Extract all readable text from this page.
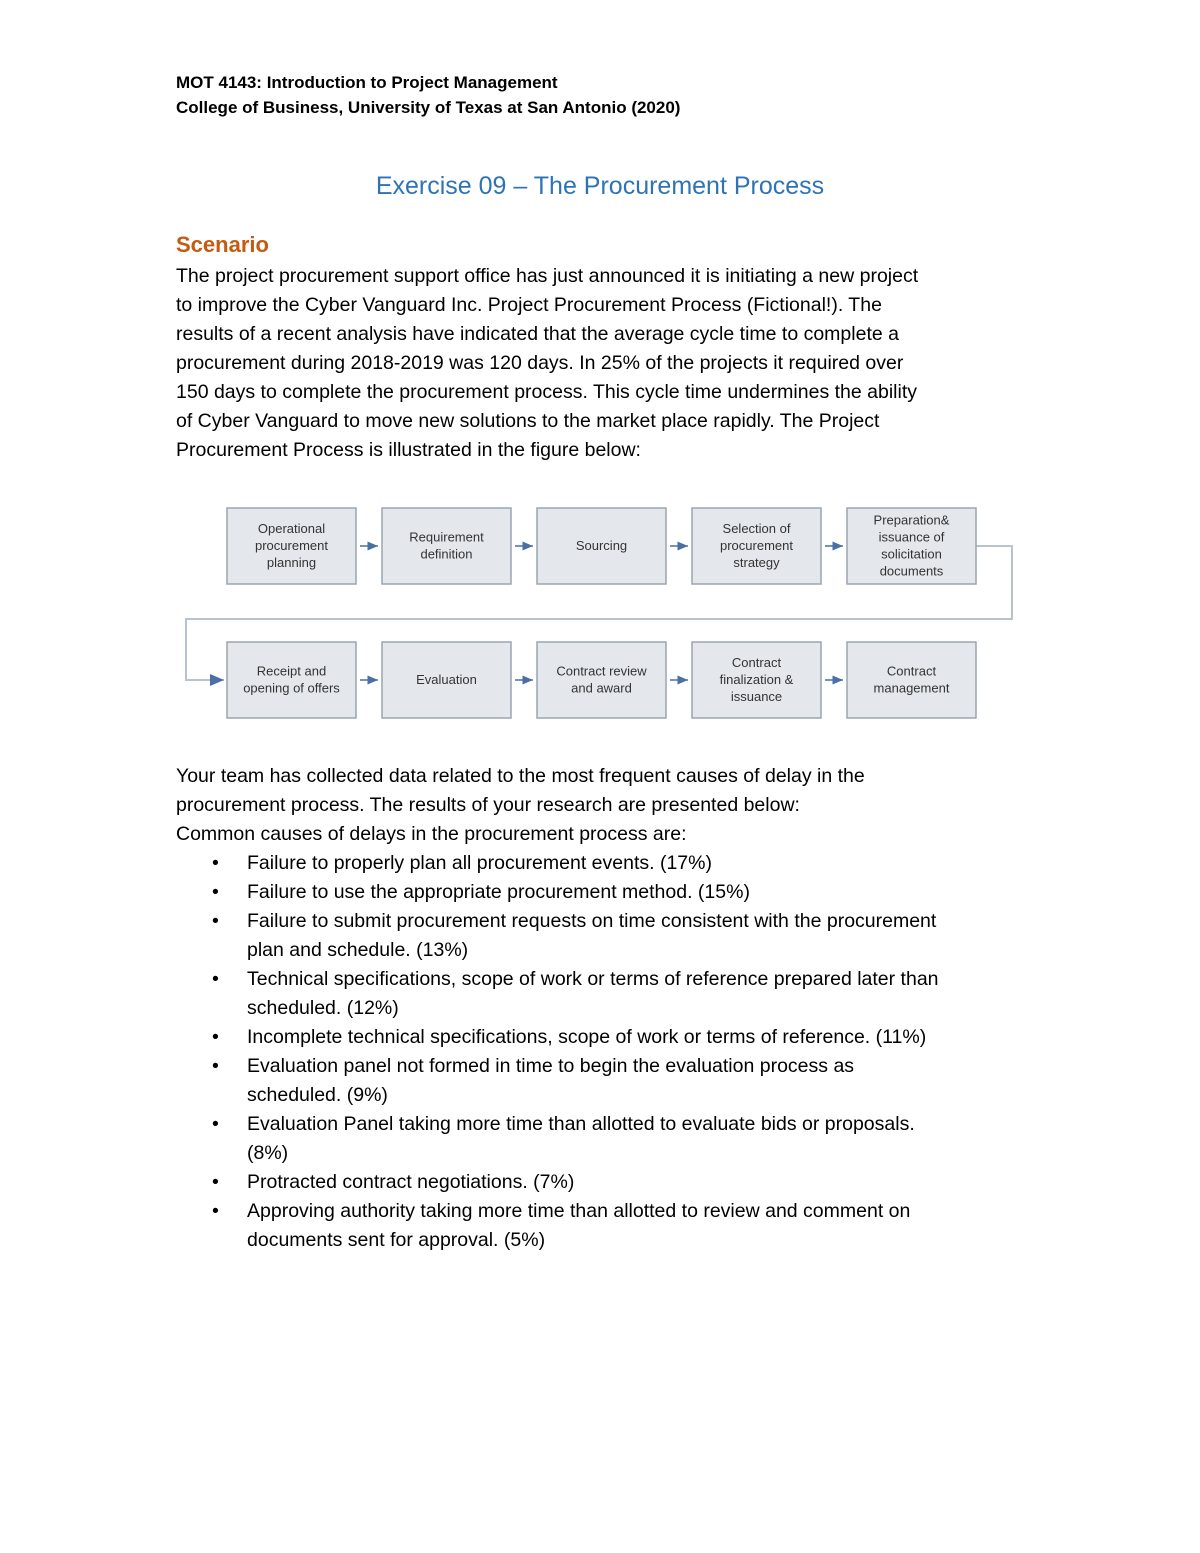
MOT 4143: Introduction to Project Management
College of Business, University of Texas at San Antonio (2020)
Exercise 09 – The Procurement Process
Scenario
The project procurement support office has just announced it is initiating a new project
to improve the Cyber Vanguard Inc. Project Procurement Process (Fictional!). The
results of a recent analysis have indicated that the average cycle time to complete a
procurement during 2018-2019 was 120 days. In 25% of the projects it required over
150 days to complete the procurement process. This cycle time undermines the ability
of Cyber Vanguard to move new solutions to the market place rapidly. The Project
Procurement Process is illustrated in the figure below:
Operational
procurement
planning
Requirement
definition
Sourcing
Selection of
procurement
strategy
Preparation&
issuance of
solicitation
documents
Receipt and
opening of offers
Evaluation
Contract review
and award
Contract
finalization &
issuance
Contract
management
Your team has collected data related to the most frequent causes of delay in the
procurement process. The results of your research are presented below:
Common causes of delays in the procurement process are:
• Failure to properly plan all procurement events. (17%)
• Failure to use the appropriate procurement method. (15%)
• Failure to submit procurement requests on time consistent with the procurement
plan and schedule. (13%)
• Technical specifications, scope of work or terms of reference prepared later than
scheduled. (12%)
• Incomplete technical specifications, scope of work or terms of reference. (11%)
• Evaluation panel not formed in time to begin the evaluation process as
scheduled. (9%)
• Evaluation Panel taking more time than allotted to evaluate bids or proposals.
(8%)
• Protracted contract negotiations. (7%)
• Approving authority taking more time than allotted to review and comment on
documents sent for approval. (5%)
